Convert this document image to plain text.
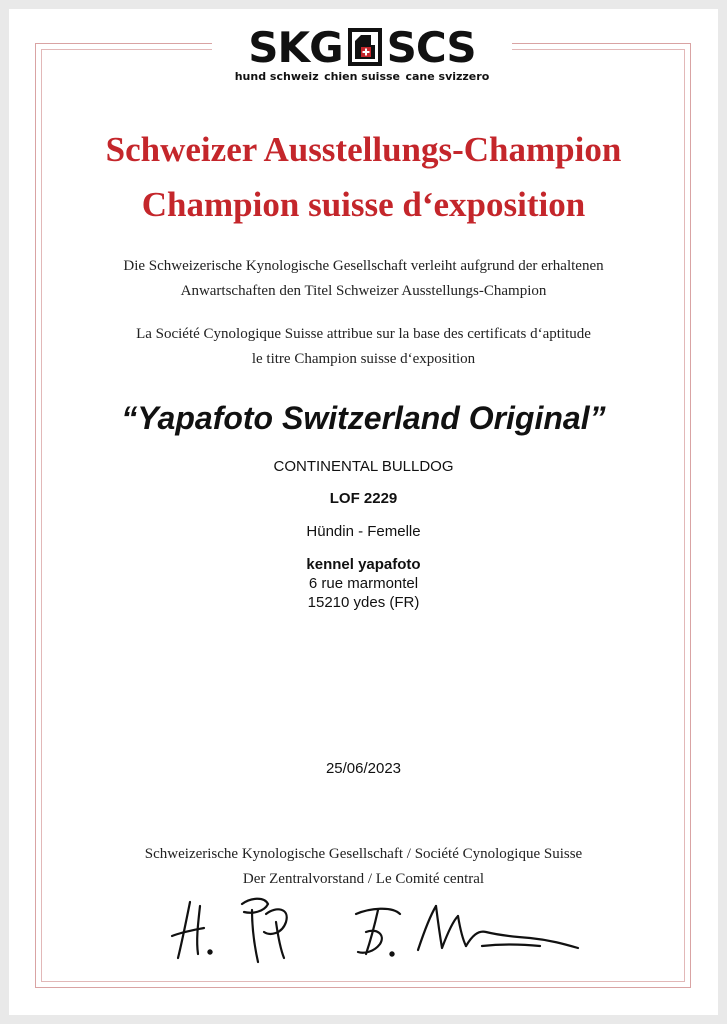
SKG SCS
hund schweiz chien suisse cane svizzero
Schweizer Ausstellungs-Champion
Champion suisse d‘exposition
Die Schweizerische Kynologische Gesellschaft verleiht aufgrund der erhaltenen
Anwartschaften den Titel Schweizer Ausstellungs-Champion
La Société Cynologique Suisse attribue sur la base des certificats d‘aptitude
le titre Champion suisse d‘exposition
“Yapafoto Switzerland Original”
CONTINENTAL BULLDOG
LOF 2229
Hündin - Femelle
kennel yapafoto
6 rue marmontel
15210 ydes (FR)
25/06/2023
Schweizerische Kynologische Gesellschaft / Société Cynologique Suisse
Der Zentralvorstand / Le Comité central
